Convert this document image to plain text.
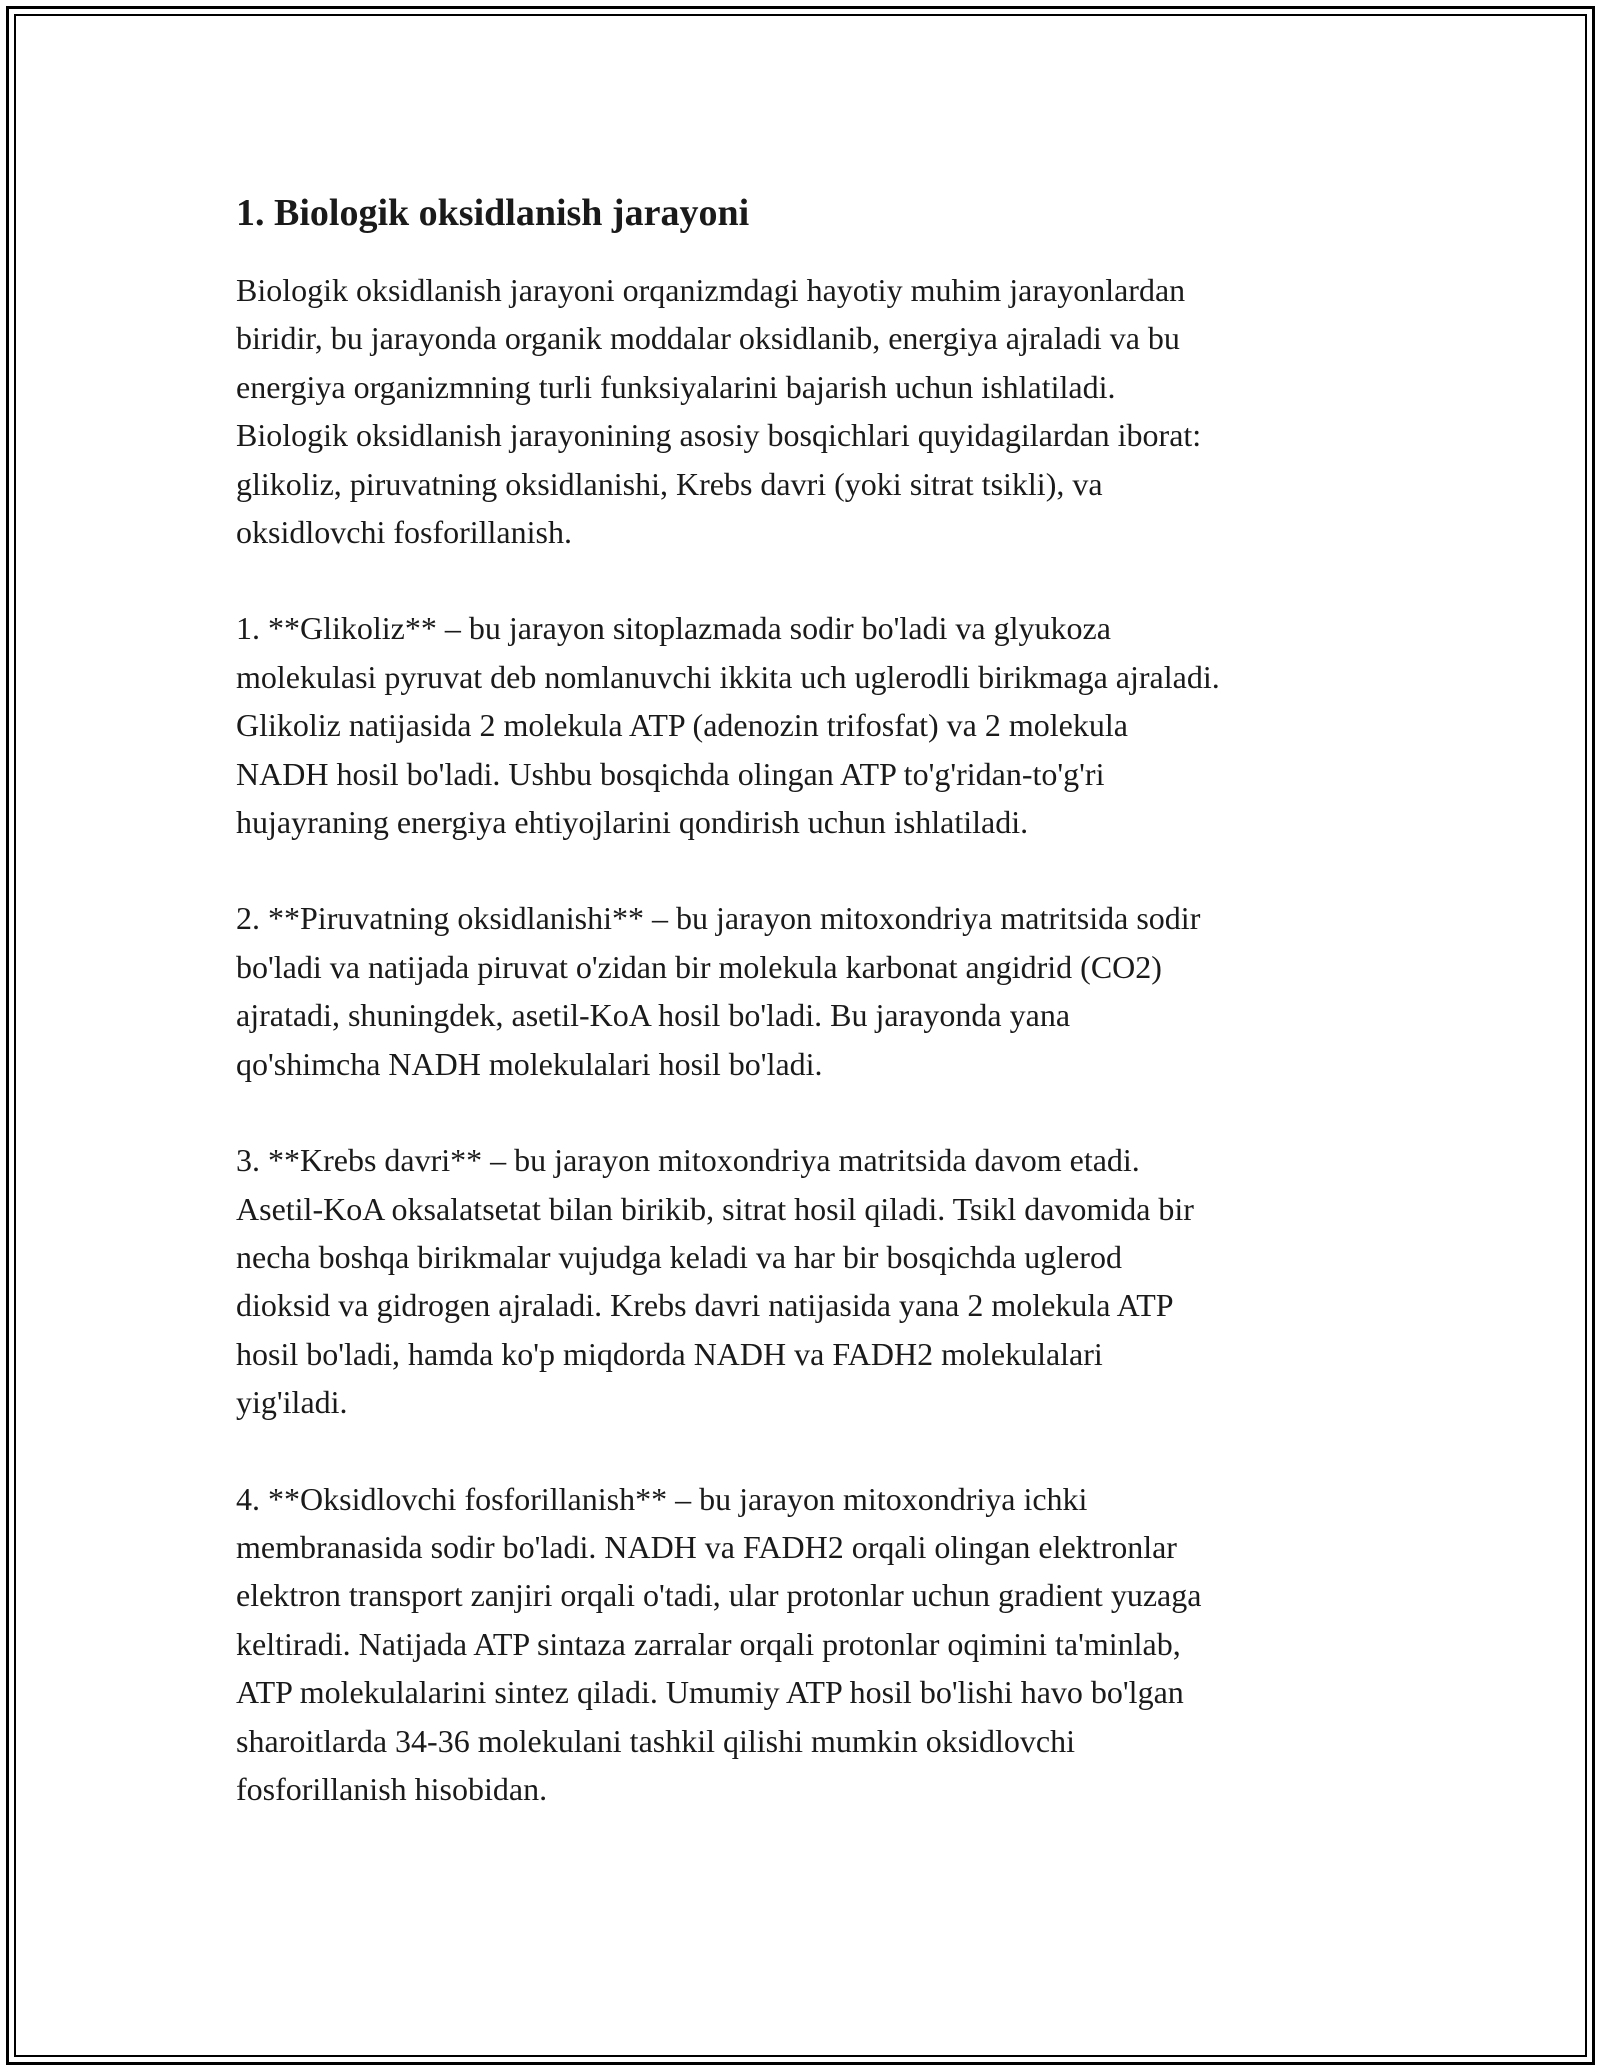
1. Biologik oksidlanish jarayoni

Biologik oksidlanish jarayoni orqanizmdagi hayotiy muhim jarayonlardan
biridir, bu jarayonda organik moddalar oksidlanib, energiya ajraladi va bu
energiya organizmning turli funksiyalarini bajarish uchun ishlatiladi.
Biologik oksidlanish jarayonining asosiy bosqichlari quyidagilardan iborat:
glikoliz, piruvatning oksidlanishi, Krebs davri (yoki sitrat tsikli), va
oksidlovchi fosforillanish.

1. **Glikoliz** – bu jarayon sitoplazmada sodir bo'ladi va glyukoza
molekulasi pyruvat deb nomlanuvchi ikkita uch uglerodli birikmaga ajraladi.
Glikoliz natijasida 2 molekula ATP (adenozin trifosfat) va 2 molekula
NADH hosil bo'ladi. Ushbu bosqichda olingan ATP to'g'ridan-to'g'ri
hujayraning energiya ehtiyojlarini qondirish uchun ishlatiladi.

2. **Piruvatning oksidlanishi** – bu jarayon mitoxondriya matritsida sodir
bo'ladi va natijada piruvat o'zidan bir molekula karbonat angidrid (CO2)
ajratadi, shuningdek, asetil-KoA hosil bo'ladi. Bu jarayonda yana
qo'shimcha NADH molekulalari hosil bo'ladi.

3. **Krebs davri** – bu jarayon mitoxondriya matritsida davom etadi.
Asetil-KoA oksalatsetat bilan birikib, sitrat hosil qiladi. Tsikl davomida bir
necha boshqa birikmalar vujudga keladi va har bir bosqichda uglerod
dioksid va gidrogen ajraladi. Krebs davri natijasida yana 2 molekula ATP
hosil bo'ladi, hamda ko'p miqdorda NADH va FADH2 molekulalari
yig'iladi.

4. **Oksidlovchi fosforillanish** – bu jarayon mitoxondriya ichki
membranasida sodir bo'ladi. NADH va FADH2 orqali olingan elektronlar
elektron transport zanjiri orqali o'tadi, ular protonlar uchun gradient yuzaga
keltiradi. Natijada ATP sintaza zarralar orqali protonlar oqimini ta'minlab,
ATP molekulalarini sintez qiladi. Umumiy ATP hosil bo'lishi havo bo'lgan
sharoitlarda 34-36 molekulani tashkil qilishi mumkin oksidlovchi
fosforillanish hisobidan.
